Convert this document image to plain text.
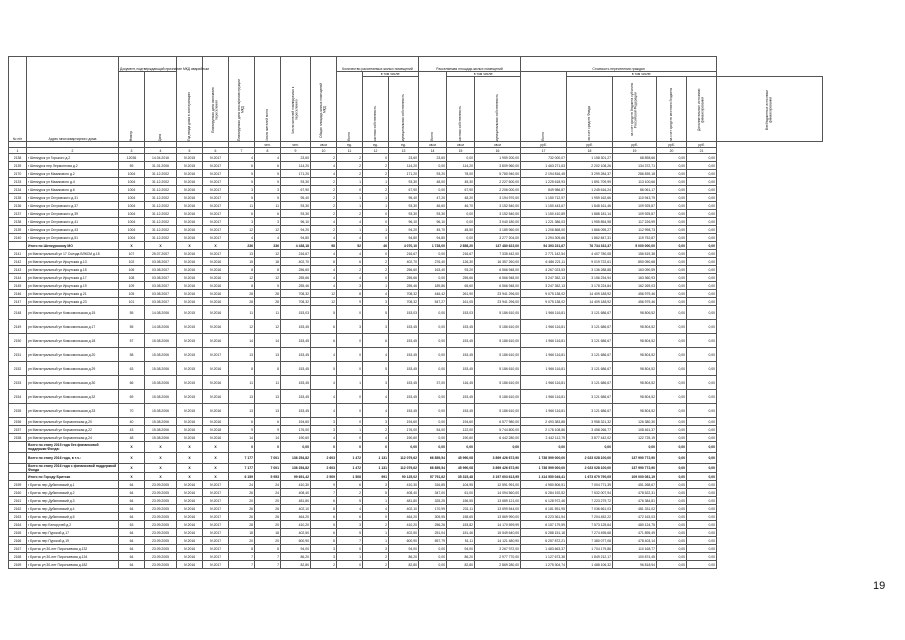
№ п/п	Адрес многоквартирного дома	Документ, подтверждающий признание МКД аварийным		Год ввода дома в эксплуатацию	Планируемая дата окончания переселения	Планируемая дата сноса/реконструкции МКД	Число жителей всего	Число жителей планируемых к переселению	Общая площадь жилых помещений МКД	Количество расселяемых жилых помещений			Расселяемая площадь жилых помещений			Стоимость переселения граждан					

		Номер	Дата							Всего	в том числе:		Всего	в том числе:		Всего	в том числе:				

											частная собственность	муниципальная собственность		частная собственность	муниципальная собственность		за счет средств Фонда	за счет средств бюджета субъекта Российской Федерации	за счет средств местного бюджета	Дополнительные источники финансирования	Внебюджетные источники финансирования

							чел.	чел.	кв.м	ед.	ед.	ед.	кв.м	кв.м	кв.м	руб.	руб.	руб.	руб.	руб.	
1	2	3	4	5	6	7	8	9	10	11	12	13	14	15	16	17	18	19	20	21	
2138	г Шенкурск ул Горького д.2	12036	14.04.2016	IV.2015	IV.2017	4	4	23,60	2	2	0	23,60	23,60	0,00	1 959 200,00	732 000,07	1 158 301,27	68 898,66	0,00	0,00	
2139	г Шенкурск пер Лермонтова д.2	59	31.01.2006	IV.2015	IV.2017	6	6	114,20	4	2	2	114,20	0,00	114,20	3 809 960,00	1 463 271,63	2 202 108,26	134 372,71	0,00	0,00	
2170	г Шенкурск ул Мазикового д.2	1004	31.12.2002	IV.2016	IV.2017	5	5	171,20	4	2	2	171,20	93,20	78,00	5 780 940,00	2 194 816,45	3 299 284,37	286 839,18	0,00	0,00	
2133	г Шенкурск ул Мазикового д.4	1004	31.12.2002	IV.2016	IV.2017	5	5	93,30	2	1	1	93,30	48,00	45,30	2 227 600,00	1 225 618,93	1 891 709,99	113 100,66	0,00	0,00	
2134	г Шенкурск ул Мазикового д.6	1004	31.12.2002	IV.2016	IV.2017	3	3	67,90	2	0	2	67,90	0,00	67,90	2 206 000,00	849 986,87	1 245 616,24	86 061,17	0,00	0,00	
2135	г Шенкурск ул Островского д.31	1004	31.12.2002	IV.2016	IV.2017	5	5	95,40	2	1	1	95,40	47,20	48,20	3 194 970,00	1 150 712,97	1 959 162,66	110 943,79	0,00	0,00	
2136	г Шенкурск ул Островского д.37	1004	31.12.2002	IV.2016	IV.2017	11	11	93,30	2	1	1	93,30	46,60	46,70	3 152 540,00	1 150 443,67	1 848 161,46	109 925,87	0,00	0,00	
2137	г Шенкурск ул Островского д.39	1004	31.12.2002	IV.2016	IV.2017	6	6	93,30	2	2	0	93,30	93,30	0,00	3 152 540,00	1 150 410,89	1 888 181,14	109 925,87	0,00	0,00	
2138	г Шенкурск ул Островского д.41	1004	31.12.2002	IV.2016	IV.2017	3	3	96,10	4	4	0	96,10	96,10	0,00	3 040 180,00	1 221 386,03	1 955 854,98	117 226,99	0,00	0,00	
2139	г Шенкурск ул Островского д.43	1004	31.12.2002	IV.2016	IV.2017	12	12	94,20	2	1	1	94,20	45,70	48,50	3 185 960,00	1 206 868,00	1 866 095,27	112 998,73	0,00	0,00	
2140	г Шенкурск ул Островского д.51	1004	31.12.2002	IV.2016	IV.2017	4	4	94,80	4	4	0	94,80	94,80	0,00	3 277 204,00	1 294 305,66	1 862 847,31	119 752,87	0,00	0,00	
	Итого по Шенкурскому МО	X	X	X	X	236	236	4 438,18	98	52	46	4 070,10	1 728,00	2 858,20	137 480 622,00	54 393 231,67	76 734 332,37	5 000 000,00	0,00	0,00	
2141	рп Магистральный ул 17 Съезда ВЛКСМ д.15	107	25.07.2007	IV.2016	IV.2017	13	12	216,67	4	4	0	216,67	0,00	216,67	7 335 442,00	2 771 142,54	4 407 780,08	156 519,38	0,00	0,00	
2142	рп Магистральный ул Иркутская д.13	102	03.08.2007	IV.2016	IV.2016	15	18	402,70	8	6	2	402,70	276,40	126,30	16 357 260,00	6 486 221,11	9 019 722,61	850 050,68	0,00	0,00	
2143	рп Магистральный ул Иркутская д.15	106	03.08.2007	IV.2016	IV.2016	8	8	256,60	4	2	2	256,60	163,40	93,20	6 566 948,00	4 267 023,53	3 136 288,88	163 090,59	0,00	0,00	
2144	рп Магистральный ул Иркутская д.17	108	03.08.2007	IV.2016	IV.2016	12	12	255,66	4	4	0	255,66	0,00	255,66	6 566 948,00	3 247 352,13	3 156 234,94	163 360,93	0,00	0,00	
2145	рп Магистральный ул Иркутская д.19	109	03.08.2007	IV.2016	IV.2016	8	5	255,46	4	3	1	255,46	189,86	65,60	6 566 948,00	3 247 352,13	3 178 224,84	162 269,03	0,00	0,00	
2146	рп Магистральный ул Иркутская д.21	105	03.08.2007	IV.2016	IV.2016	28	28	708,32	12	8	4	708,32	446,42	261,90	23 941 296,00	9 075 138,02	14 409 188,92	456 979,46	0,00	0,00	
2147	рп Магистральный ул Иркутская д.23	101	03.08.2007	IV.2016	IV.2016	28	28	708,32	12	9	3	708,32	547,27	161,05	23 941 296,00	9 075 138,02	14 409 188,92	456 979,46	0,00	0,00	
2148	рп Магистральный ул Комсомольская д.15	55	14.08.2006	IV.2015	IV.2016	11	11	153,03	5	0	5	153,03	0,00	153,03	5 186 610,00	1 966 116,81	3 121 686,67	98 806,52	0,00	0,00	
2149	рп Магистральный ул Комсомольская д.17	55	14.08.2006	IV.2015	IV.2016	12	12	153,45	6	3	3	153,45	0,00	153,45	5 186 610,00	1 966 116,81	3 121 686,67	98 804,52	0,00	0,00	
2150	рп Магистральный ул Комсомольская д.18	57	15.08.2006	IV.2015	IV.2016	14	14	153,45	6	0	6	153,45	0,00	153,45	5 186 610,00	1 966 116,81	3 121 686,67	98 804,52	0,00	0,00	
2151	рп Магистральный ул Комсомольская д.20	58	15.08.2006	IV.2015	IV.2017	13	13	153,45	4	0	4	153,45	0,00	153,45	5 186 610,00	1 966 116,81	3 121 686,67	98 804,52	0,00	0,00	
2152	рп Магистральный ул Комсомольская д.29	63	15.08.2006	IV.2015	IV.2016	8	8	153,45	5	0	5	153,45	0,00	153,45	5 186 610,00	1 966 116,81	3 121 686,67	98 804,52	0,00	0,00	
2153	рп Магистральный ул Комсомольская д.30	66	15.08.2006	IV.2015	IV.2016	11	11	153,45	4	1	3	153,45	37,00	116,45	5 186 610,00	1 966 116,81	3 121 686,67	98 804,52	0,00	0,00	
2154	рп Магистральный ул Комсомольская д.32	69	15.08.2006	IV.2015	IV.2016	13	13	153,45	4	0	4	153,45	0,00	153,45	5 186 610,00	1 966 116,81	3 121 686,67	98 804,52	0,00	0,00	
2155	рп Магистральный ул Комсомольская д.33	70	15.08.2006	IV.2015	IV.2016	13	13	153,45	4	0	4	153,45	0,00	153,45	5 186 610,00	1 966 116,81	3 121 686,67	98 804,52	0,00	0,00	
2156	рп Магистральный ул Корчагинская д.20	40	15.08.2006	IV.2016	IV.2016	6	6	194,60	3	0	3	194,60	0,00	194,60	6 577 980,00	2 493 383,88	3 958 321,32	126 380,30	0,00	0,00	
2157	рп Магистральный ул Корчагинская д.22	43	15.08.2006	IV.2016	IV.2018	9	9	176,00	3	1	2	176,00	54,00	122,00	5 744 800,00	2 178 108,86	3 458 266,77	108 461,37	0,00	0,00	
2158	рп Магистральный ул Корчагинская д.24	48	15.08.2006	IV.2016	IV.2016	14	14	190,60	4	0	4	190,60	0,00	190,60	6 442 280,00	2 442 112,79	3 877 442,02	122 725,19	0,00	0,00	
	Всего по этапу 2015 года без финансовой поддержки Фонда:	X	X	X	X	0	0	0,00	0	0	0	0,00	0,00	0,00	0,00	0,00	0,00	0,00	0,00	0,00	
	Всего по этапу 2016 года, в т.ч.:	X	X	X	X	7 177	7 001	136 254,82	2 603	1 472	1 131	112 079,62	66 859,54	45 990,08	3 899 426 672,90	1 738 599 000,00	2 023 028 100,00	137 990 772,90	0,00	0,00	
	Всего по этапу 2016 года с финансовой поддержкой Фонда	X	X	X	X	7 177	7 001	136 254,82	2 603	1 472	1 131	112 079,62	66 859,54	45 990,08	3 899 426 672,90	1 738 599 000,00	2 023 028 100,00	137 990 772,90	0,00	0,00	
	Итого по Городу Бритска	X	X	X	X	6 159	5 953	99 691,42	2 509	1 508	991	90 125,02	57 791,62	35 315,48	3 197 603 613,95	1 414 550 046,41	1 673 679 790,05	109 000 081,19	0,00	0,00	
2159	г Бритск пер Дубиновский д.1	64	23.09.2005	IV.2016	IV.2017	24	24	410,30	9	6	3	410,30	316,85	104,95	12 591 991,00	4 980 806,51	7 004 771,39	451 268,67	0,00	0,00	
2160	г Бритск пер Дубиновский д.2	64	23.09.2005	IV.2016	IV.2017	26	24	408,40	7	2	5	408,40	347,00	61,00	14 094 560,00	6 284 192,52	7 532 007,94	478 522,31	0,00	0,00	
2161	г Бритск пер Дубиновский д.3	64	23.09.2005	IV.2016	IV.2017	20	20	481,80	6	5	1	481,80	325,25	156,55	13 689 121,00	6 128 972,46	7 223 279,72	476 384,81	0,00	0,00	
2162	г Бритск пер Дубиновский д.4	64	23.09.2005	IV.2016	IV.2017	26	26	402,10	8	4	4	402,10	170,99	231,11	13 699 544,00	6 181 551,95	7 036 661,03	481 331,02	0,00	0,00	
2163	г Бритск пер Дубиновский д.5	64	23.09.2005	IV.2016	IV.2017	26	26	464,20	6	6	0	464,20	305,55	158,65	13 869 990,00	6 223 361,54	7 204 452,22	472 163,03	0,00	0,00	
2164	г Бритск пер Белоручей д.2	63	23.09.2005	IV.2016	IV.2017	28	20	410,20	5	3	2	410,20	256,26	153,82	14 170 599,99	6 157 179,59	7 573 125,64	480 124,75	0,00	0,00	
2165	г Бритск пер Пурской д.17	64	23.09.2005	IV.2016	IV.2017	18	18	402,50	6	5	1	402,50	251,04	151,46	15 549 640,00	6 288 151,18	7 274 495,68	471 895,49	0,00	0,00	
2166	г Бритск пер Пурской д.19	64	23.09.2005	IV.2016	IV.2017	20	20	600,90	8	7	1	600,90	557,79	51,11	14 121 480,90	6 257 872,21	7 380 077,08	478 403,14	0,00	0,00	
2167	г Бритск ул 30-лет Пирогьевова д.132	64	23.09.2005	IV.2016	IV.2017	8	8	94,00	3	0	3	94,00	0,00	94,00	3 267 972,00	1 483 663,37	1 704 179,86	110 168,77	0,00	0,00	
2168	г Бритск ул 30-лет Пирогьевова д.134	64	23.09.2005	IV.2016	IV.2017	7	7	86,20	3	1	2	86,20	0,00	86,20	2 977 770,00	1 127 673,38	1 849 212,17	100 874,45	0,00	0,00	
2169	г Бритск ул 30-лет Пирогьевова д.182	64	23.09.2005	IV.2016	IV.2017	7	7	82,80	2	0	2	82,80	0,00	82,80	2 869 280,00	1 275 304,74	1 488 106,32	96 818,94	0,00	0,00	
19
